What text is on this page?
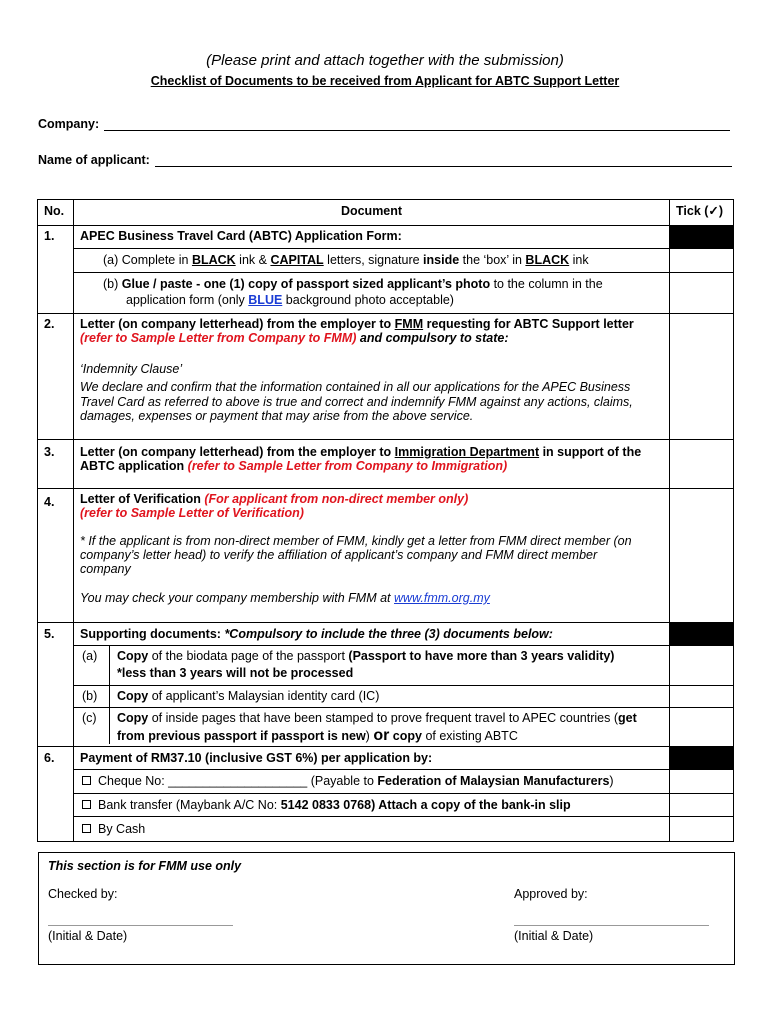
(Please print and attach together with the submission)
Checklist of Documents to be received from Applicant for ABTC Support Letter
Company:
Name of applicant:
No.	Document	Tick (✓)
1. APEC Business Travel Card (ABTC) Application Form:
(a) Complete in BLACK ink & CAPITAL letters, signature inside the ‘box’ in BLACK ink
(b) Glue / paste - one (1) copy of passport sized applicant’s photo to the column in the
application form (only BLUE background photo acceptable)
2. Letter (on company letterhead) from the employer to FMM requesting for ABTC Support letter
(refer to Sample Letter from Company to FMM) and compulsory to state:
‘Indemnity Clause’
We declare and confirm that the information contained in all our applications for the APEC Business
Travel Card as referred to above is true and correct and indemnify FMM against any actions, claims,
damages, expenses or payment that may arise from the above service.
3. Letter (on company letterhead) from the employer to Immigration Department in support of the
ABTC application (refer to Sample Letter from Company to Immigration)
4. Letter of Verification (For applicant from non-direct member only)
(refer to Sample Letter of Verification)
* If the applicant is from non-direct member of FMM, kindly get a letter from FMM direct member (on
company’s letter head) to verify the affiliation of applicant’s company and FMM direct member
company
You may check your company membership with FMM at www.fmm.org.my
5. Supporting documents: *Compulsory to include the three (3) documents below:
(a) Copy of the biodata page of the passport (Passport to have more than 3 years validity)
*less than 3 years will not be processed
(b) Copy of applicant’s Malaysian identity card (IC)
(c) Copy of inside pages that have been stamped to prove frequent travel to APEC countries (get
from previous passport if passport is new) or copy of existing ABTC
6. Payment of RM37.10 (inclusive GST 6%) per application by:
Cheque No: ____________________ (Payable to Federation of Malaysian Manufacturers)
Bank transfer (Maybank A/C No: 5142 0833 0768) Attach a copy of the bank-in slip
By Cash
This section is for FMM use only
Checked by:	Approved by:
(Initial & Date)	(Initial & Date)
